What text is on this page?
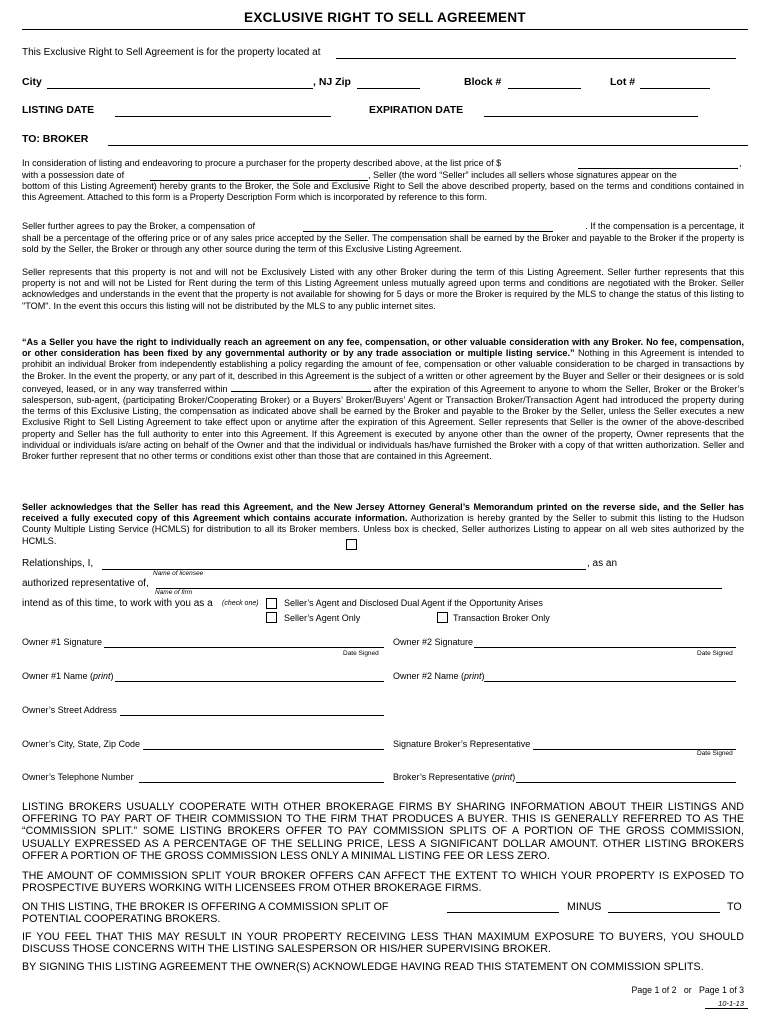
EXCLUSIVE RIGHT TO SELL AGREEMENT
This Exclusive Right to Sell Agreement is for the property located at
City	, NJ Zip	Block #	Lot #
LISTING DATE	EXPIRATION DATE
TO: BROKER
In consideration of listing and endeavoring to procure a purchaser for the property described above, at the list price of $	,
with a possession date of	, Seller (the word “Seller” includes all sellers whose signatures appear on the
bottom of this Listing Agreement) hereby grants to the Broker, the Sole and Exclusive Right to Sell the above described property, based on the terms and conditions contained in this Agreement. Attached to this form is a Property Description Form which is incorporated by reference to this form.
Seller further agrees to pay the Broker, a compensation of	. If the compensation is a percentage, it
shall be a percentage of the offering price or of any sales price accepted by the Seller. The compensation shall be earned by the Broker and payable to the Broker if the property is sold by the Seller, the Broker or through any other source during the term of this Exclusive Listing Agreement.
Seller represents that this property is not and will not be Exclusively Listed with any other Broker during the term of this Listing Agreement. Seller further represents that this property is not and will not be Listed for Rent during the term of this Listing Agreement unless mutually agreed upon terms and conditions are negotiated with the Broker. Seller acknowledges and understands in the event that the property is not available for showing for 5 days or more the Broker is required by the MLS to change the status of this listing to "TOM". In the event this occurs this listing will not be distributed by the MLS to any public internet sites.
“As a Seller you have the right to individually reach an agreement on any fee, compensation, or other valuable consideration with any Broker. No fee, compensation, or other consideration has been fixed by any governmental authority or by any trade association or multiple listing service.” Nothing in this Agreement is intended to prohibit an individual Broker from independently establishing a policy regarding the amount of fee, compensation or other valuable consideration to be charged in transactions by the Broker. In the event the property, or any part of it, described in this Agreement is the subject of a written or other agreement by the Buyer and Seller or their designees or is sold conveyed, leased, or in any way transferred within	after the expiration of this Agreement to anyone to whom the Seller, Broker or the Broker’s salesperson, sub-agent, (participating Broker/Cooperating Broker) or a Buyers’ Broker/Buyers’ Agent or Transaction Broker/Transaction Agent had introduced the property during the terms of this Exclusive Listing, the compensation as indicated above shall be earned by the Broker and payable to the Broker by the Seller, unless the Seller executes a new Exclusive Right to Sell Listing Agreement to take effect upon or anytime after the expiration of this Agreement. Seller represents that Seller is the owner of the above-described property and Seller has the full authority to enter into this Agreement. If this Agreement is executed by anyone other than the owner of the property, Owner represents that the individual or individuals is/are acting on behalf of the Owner and that the individual or individuals has/have furnished the Broker with a copy of that written authorization. Seller and Broker further represent that no other terms or conditions exist other than those that are contained in this Agreement.
Seller acknowledges that the Seller has read this Agreement, and the New Jersey Attorney General’s Memorandum printed on the reverse side, and the Seller has received a fully executed copy of this Agreement which contains accurate information. Authorization is hereby granted by the Seller to submit this listing to the Hudson County Multiple Listing Service (HCMLS) for distribution to all its Broker members. Unless box is checked, Seller authorizes Listing to appear on all web sites authorized by the HCMLS.
Relationships, I,	, as an
Name of licensee
authorized representative of,
Name of firm
intend as of this time, to work with you as a (check one)	Seller’s Agent and Disclosed Dual Agent if the Opportunity Arises
Seller’s Agent Only	Transaction Broker Only
Owner #1 Signature
Date Signed
Owner #2 Signature
Date Signed
Owner #1 Name (print)	Owner #2 Name (print)
Owner’s Street Address
Owner’s City, State, Zip Code	Signature Broker’s Representative
Date Signed
Owner’s Telephone Number	Broker’s Representative (print)
LISTING BROKERS USUALLY COOPERATE WITH OTHER BROKERAGE FIRMS BY SHARING INFORMATION ABOUT THEIR LISTINGS AND OFFERING TO PAY PART OF THEIR COMMISSION TO THE FIRM THAT PRODUCES A BUYER. THIS IS GENERALLY REFERRED TO AS THE “COMMISSION SPLIT.” SOME LISTING BROKERS OFFER TO PAY COMMISSION SPLITS OF A PORTION OF THE GROSS COMMISSION, USUALLY EXPRESSED AS A PERCENTAGE OF THE SELLING PRICE, LESS A SIGNIFICANT DOLLAR AMOUNT. OTHER LISTING BROKERS OFFER A PORTION OF THE GROSS COMMISSION LESS ONLY A MINIMAL LISTING FEE OR LESS ZERO.
THE AMOUNT OF COMMISSION SPLIT YOUR BROKER OFFERS CAN AFFECT THE EXTENT TO WHICH YOUR PROPERTY IS EXPOSED TO PROSPECTIVE BUYERS WORKING WITH LICENSEES FROM OTHER BROKERAGE FIRMS.
ON THIS LISTING, THE BROKER IS OFFERING A COMMISSION SPLIT OF	MINUS	TO
POTENTIAL COOPERATING BROKERS.
IF YOU FEEL THAT THIS MAY RESULT IN YOUR PROPERTY RECEIVING LESS THAN MAXIMUM EXPOSURE TO BUYERS, YOU SHOULD DISCUSS THOSE CONCERNS WITH THE LISTING SALESPERSON OR HIS/HER SUPERVISING BROKER.
BY SIGNING THIS LISTING AGREEMENT THE OWNER(S) ACKNOWLEDGE HAVING READ THIS STATEMENT ON COMMISSION SPLITS.
Page 1 of 2   or   Page 1 of 3
10-1-13
